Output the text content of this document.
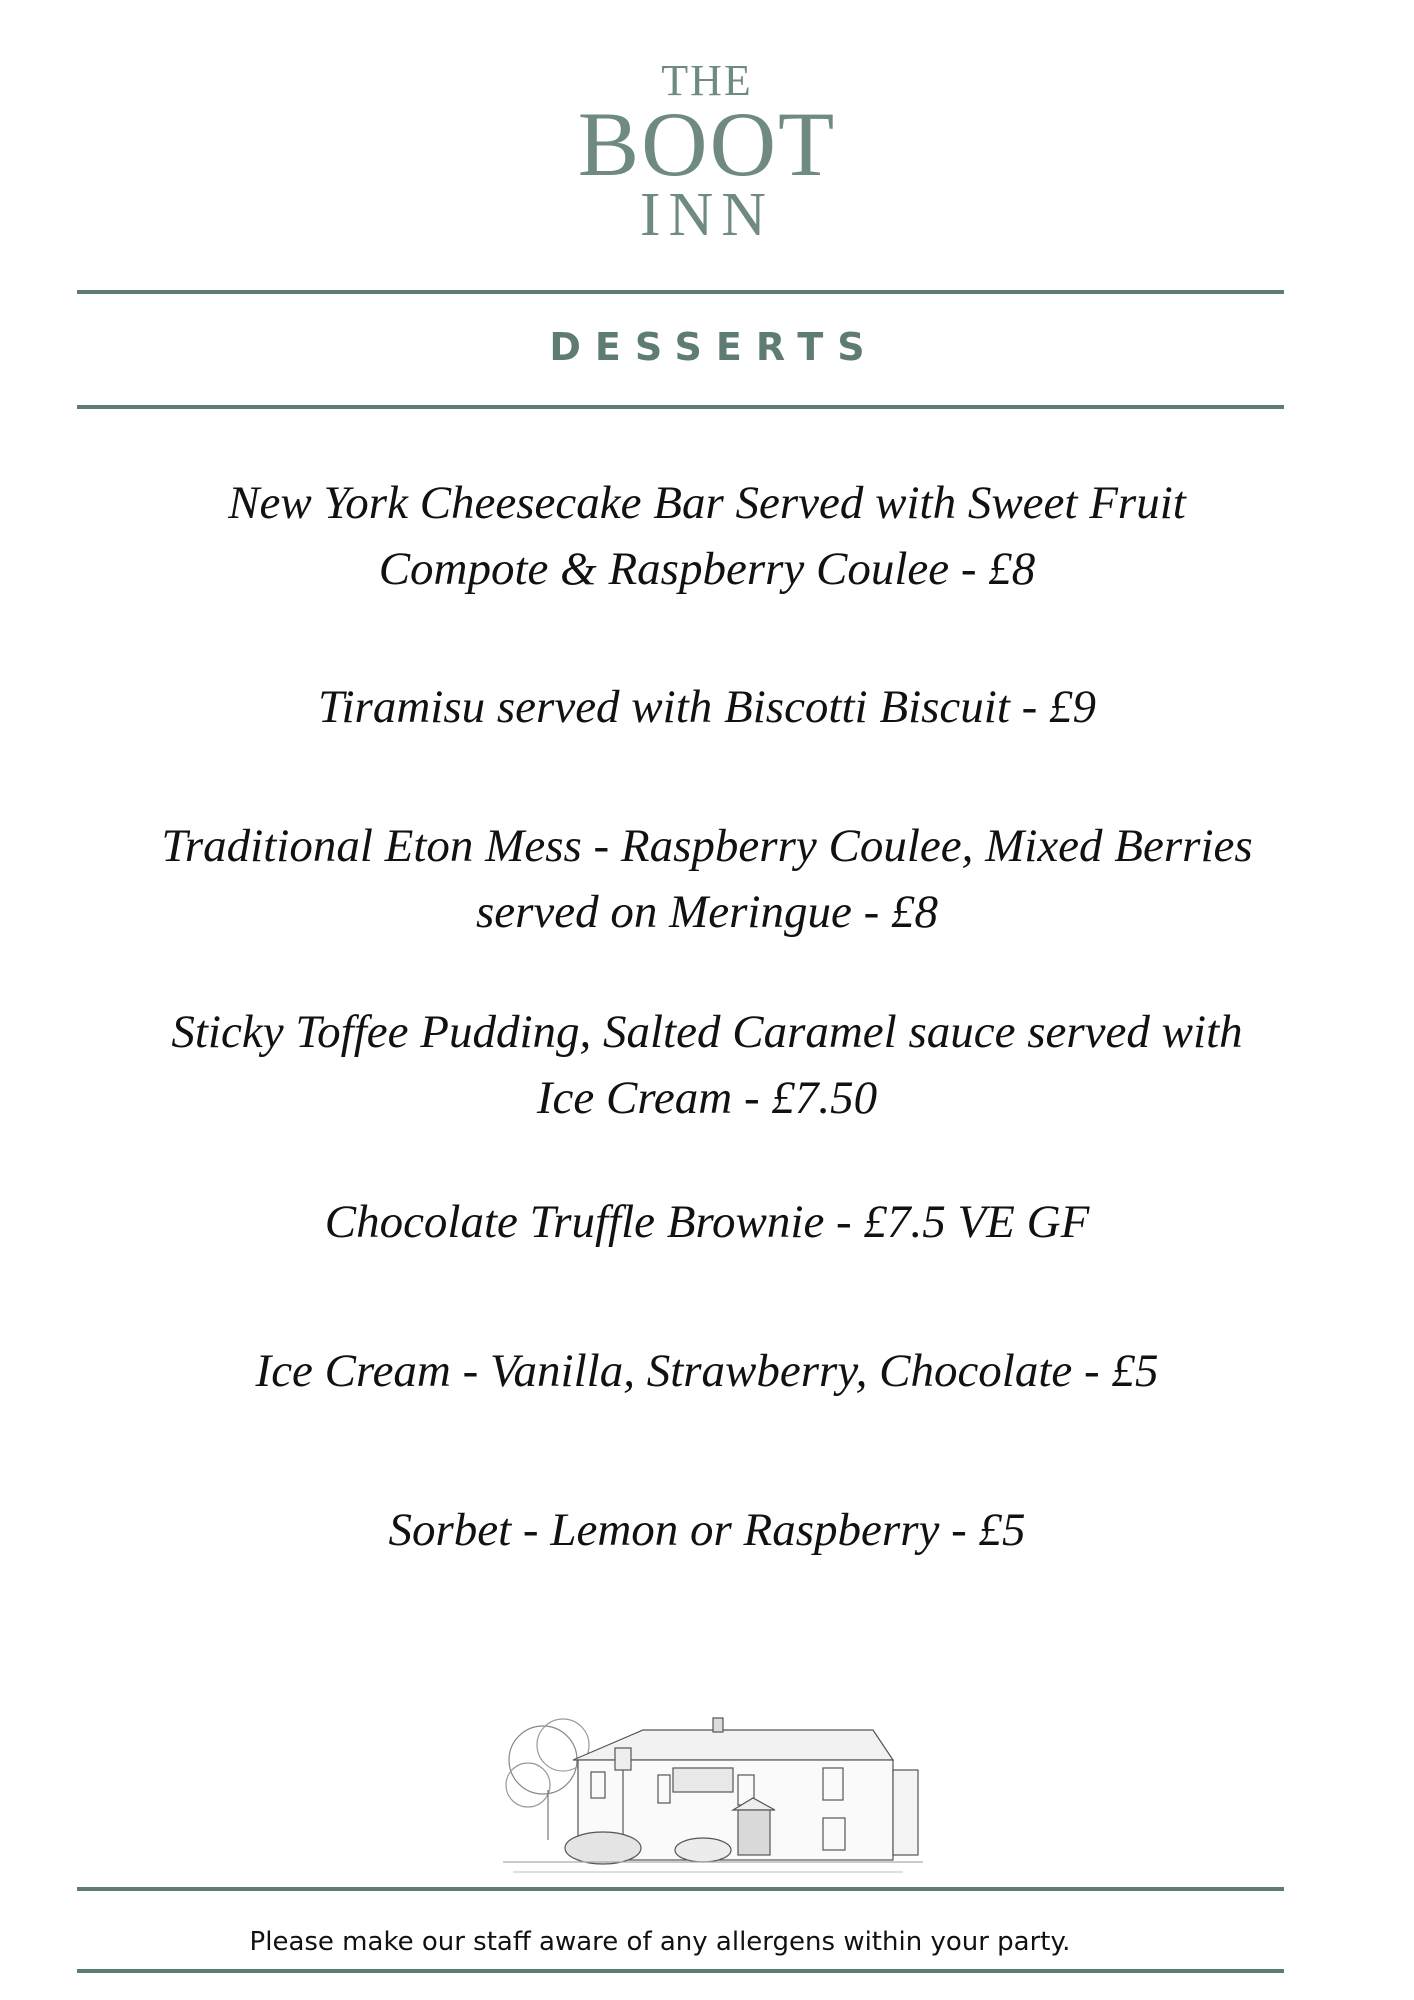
THE
BOOT
INN
DESSERTS
New York Cheesecake Bar Served with Sweet Fruit Compote & Raspberry Coulee - £8
Tiramisu served with Biscotti Biscuit - £9
Traditional Eton Mess - Raspberry Coulee, Mixed Berries served on Meringue - £8
Sticky Toffee Pudding, Salted Caramel sauce served with Ice Cream - £7.50
Chocolate Truffle Brownie - £7.5 VE GF
Ice Cream - Vanilla, Strawberry, Chocolate - £5
Sorbet - Lemon or Raspberry - £5
Please make our staff aware of any allergens within your party.
